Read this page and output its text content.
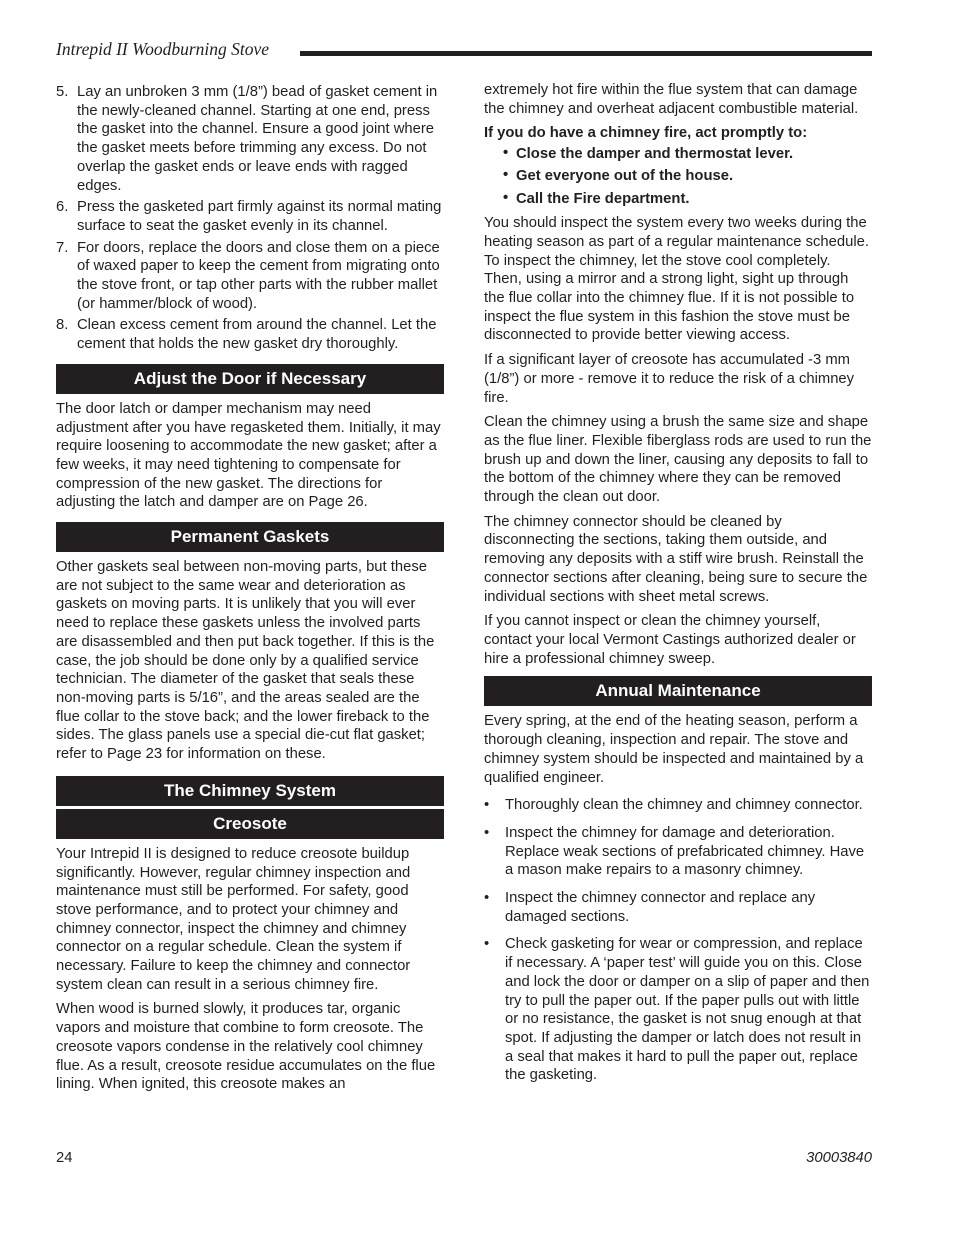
Intrepid II Woodburning Stove
5. Lay an unbroken 3 mm (1/8”) bead of gasket cement in the newly-cleaned channel. Starting at one end, press the gasket into the channel. Ensure a good joint where the gasket meets before trimming any excess. Do not overlap the gasket ends or leave ends with ragged edges.
6. Press the gasketed part firmly against its normal mating surface to seat the gasket evenly in its channel.
7. For doors, replace the doors and close them on a piece of waxed paper to keep the cement from migrating onto the stove front, or tap other parts with the rubber mallet (or hammer/block of wood).
8. Clean excess cement from around the channel. Let the cement that holds the new gasket dry thoroughly.
Adjust the Door if Necessary

The door latch or damper mechanism may need adjustment after you have regasketed them. Initially, it may require loosening to accommodate the new gasket; after a few weeks, it may need tightening to compensate for compression of the new gasket. The directions for adjusting the latch and damper are on Page 26.

Permanent Gaskets

Other gaskets seal between non-moving parts, but these are not subject to the same wear and deterioration as gaskets on moving parts. It is unlikely that you will ever need to replace these gaskets unless the involved parts are disassembled and then put back together. If this is the case, the job should be done only by a qualified service technician. The diameter of the gasket that seals these non-moving parts is 5/16”, and the areas sealed are the flue collar to the stove back; and the lower fireback to the sides. The glass panels use a special die-cut flat gasket; refer to Page 23 for information on these.

The Chimney System
Creosote

Your Intrepid II is designed to reduce creosote buildup significantly. However, regular chimney inspection and maintenance must still be performed. For safety, good stove performance, and to protect your chimney and chimney connector, inspect the chimney and chimney connector on a regular schedule. Clean the system if necessary. Failure to keep the chimney and connector system clean can result in a serious chimney fire.

When wood is burned slowly, it produces tar, organic vapors and moisture that combine to form creosote. The creosote vapors condense in the relatively cool chimney flue. As a result, creosote residue accumulates on the flue lining. When ignited, this creosote makes an

extremely hot fire within the flue system that can damage the chimney and overheat adjacent combustible material.

If you do have a chimney fire, act promptly to:

• Close the damper and thermostat lever.
• Get everyone out of the house.
• Call the Fire department.

You should inspect the system every two weeks during the heating season as part of a regular maintenance schedule. To inspect the chimney, let the stove cool completely. Then, using a mirror and a strong light, sight up through the flue collar into the chimney flue. If it is not possible to inspect the flue system in this fashion the stove must be disconnected to provide better viewing access.

If a significant layer of creosote has accumulated -3 mm (1/8”) or more - remove it to reduce the risk of a chimney fire.

Clean the chimney using a brush the same size and shape as the flue liner. Flexible fiberglass rods are used to run the brush up and down the liner, causing any deposits to fall to the bottom of the chimney where they can be removed through the clean out door.

The chimney connector should be cleaned by disconnecting the sections, taking them outside, and removing any deposits with a stiff wire brush. Reinstall the connector sections after cleaning, being sure to secure the individual sections with sheet metal screws.

If you cannot inspect or clean the chimney yourself, contact your local Vermont Castings authorized dealer or hire a professional chimney sweep.

Annual Maintenance

Every spring, at the end of the heating season, perform a thorough cleaning, inspection and repair. The stove and chimney system should be inspected and maintained by a qualified engineer.

• Thoroughly clean the chimney and chimney connector.
• Inspect the chimney for damage and deterioration. Replace weak sections of prefabricated chimney. Have a mason make repairs to a masonry chimney.
• Inspect the chimney connector and replace any damaged sections.
• Check gasketing for wear or compression, and replace if necessary. A ‘paper test’ will guide you on this. Close and lock the door or damper on a slip of paper and then try to pull the paper out. If the paper pulls out with little or no resistance, the gasket is not snug enough at that spot. If adjusting the damper or latch does not result in a seal that makes it hard to pull the paper out, replace the gasketing.
24	30003840
